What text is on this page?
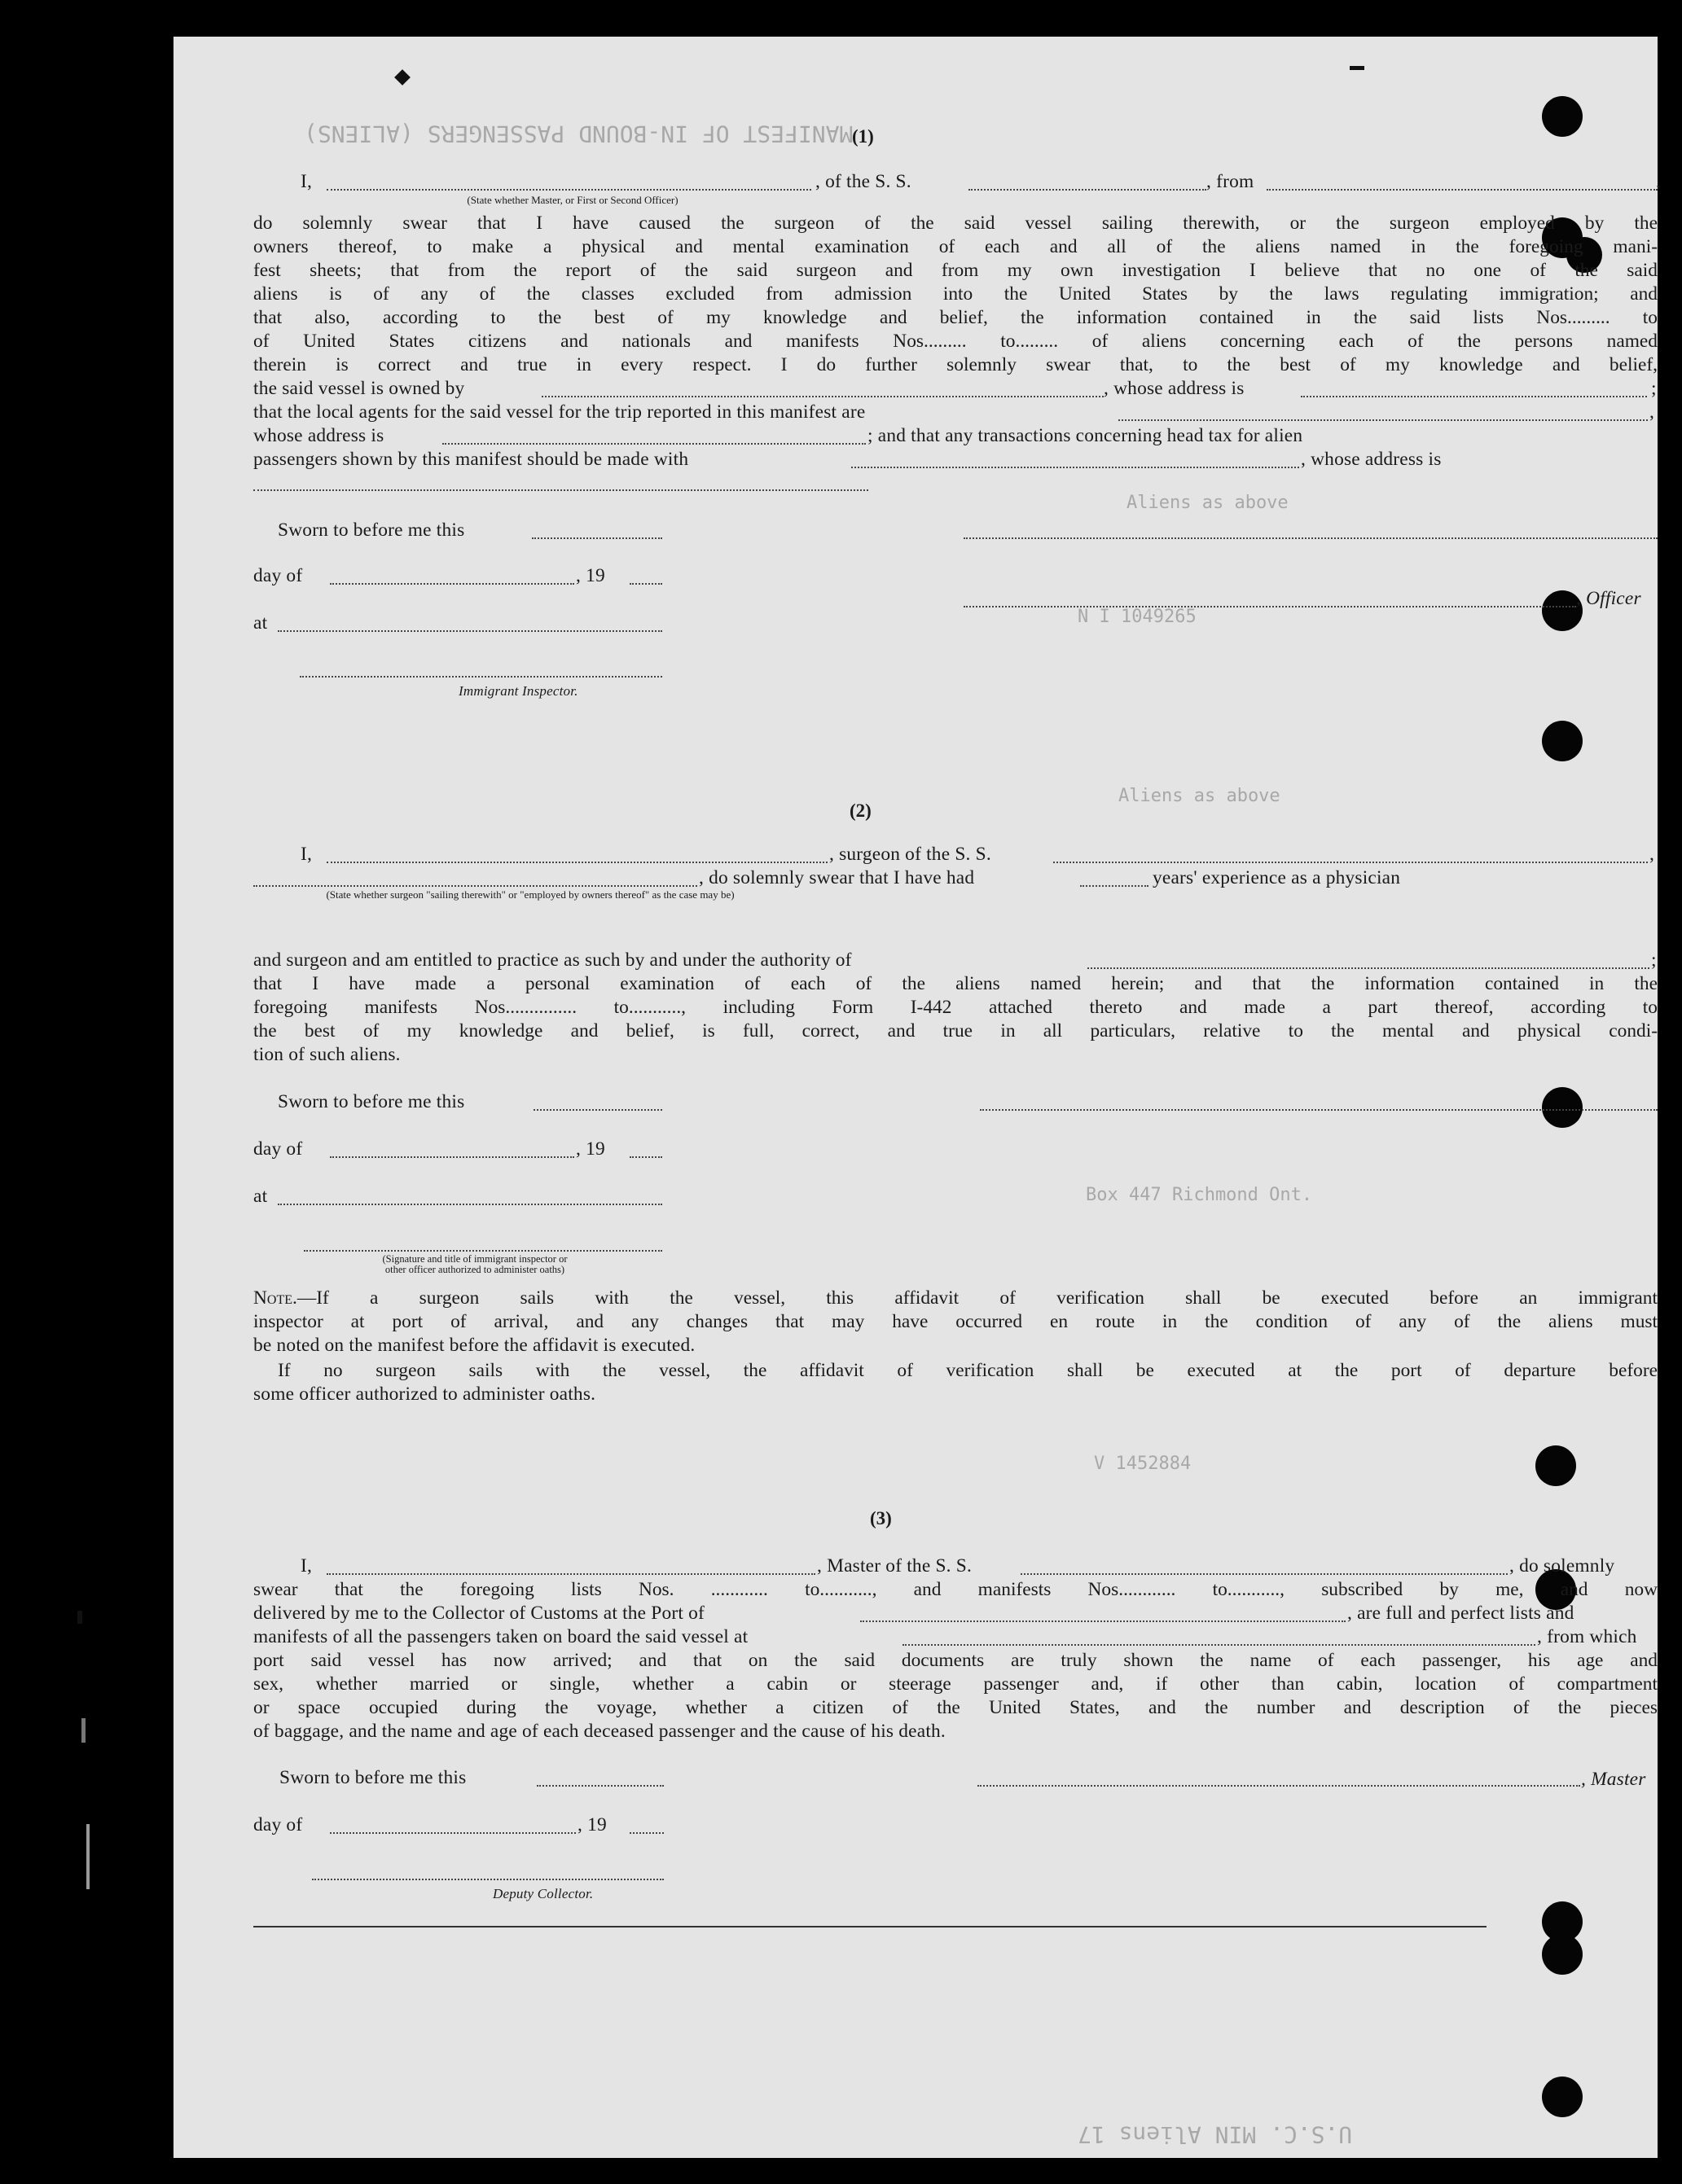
MANIFEST OF IN-BOUND PASSENGERS (ALIENS)
Aliens as above
N I 1049265
Aliens as above
Box 447 Richmond Ont.
V 1452884
U.S.C. MIN Aliens 17
(1)
I,	, of the S. S.	, from	,
(State whether Master, or First or Second Officer)
do solemnly swear that I have caused the surgeon of the said vessel sailing therewith, or the surgeon employed by the
owners thereof, to make a physical and mental examination of each and all of the aliens named in the foregoing mani-
fest sheets; that from the report of the said surgeon and from my own investigation I believe that no one of the said
aliens is of any of the classes excluded from admission into the United States by the laws regulating immigration; and
that also, according to the best of my knowledge and belief, the information contained in the said lists Nos......... to
of United States citizens and nationals and manifests Nos......... to......... of aliens concerning each of the persons named
therein is correct and true in every respect. I do further solemnly swear that, to the best of my knowledge and belief,
the said vessel is owned by	, whose address is	;
that the local agents for the said vessel for the trip reported in this manifest are	,
whose address is	; and that any transactions concerning head tax for alien
passengers shown by this manifest should be made with	, whose address is
Sworn to before me this
day of	, 19
, Officer
at
Immigrant Inspector.
(2)
I,	, surgeon of the S. S.	,
, do solemnly swear that I have had	years' experience as a physician
(State whether surgeon "sailing therewith" or "employed by owners thereof" as the case may be)
and surgeon and am entitled to practice as such by and under the authority of	;
that I have made a personal examination of each of the aliens named herein; and that the information contained in the
foregoing manifests Nos............... to..........., including Form I-442 attached thereto and made a part thereof, according to
the best of my knowledge and belief, is full, correct, and true in all particulars, relative to the mental and physical condi-
tion of such aliens.
Sworn to before me this
day of	, 19
at
(Signature and title of immigrant inspector or
other officer authorized to administer oaths)
Note.—If a surgeon sails with the vessel, this affidavit of verification shall be executed before an immigrant
inspector at port of arrival, and any changes that may have occurred en route in the condition of any of the aliens must
be noted on the manifest before the affidavit is executed.
If no surgeon sails with the vessel, the affidavit of verification shall be executed at the port of departure before
some officer authorized to administer oaths.
(3)
I,	, Master of the S. S.	, do solemnly
swear that the foregoing lists Nos. ............ to..........., and manifests Nos............ to..........., subscribed by me, and now
delivered by me to the Collector of Customs at the Port of	, are full and perfect lists and
manifests of all the passengers taken on board the said vessel at	, from which
port said vessel has now arrived; and that on the said documents are truly shown the name of each passenger, his age and
sex, whether married or single, whether a cabin or steerage passenger and, if other than cabin, location of compartment
or space occupied during the voyage, whether a citizen of the United States, and the number and description of the pieces
of baggage, and the name and age of each deceased passenger and the cause of his death.
Sworn to before me this	, Master
day of	, 19
Deputy Collector.
